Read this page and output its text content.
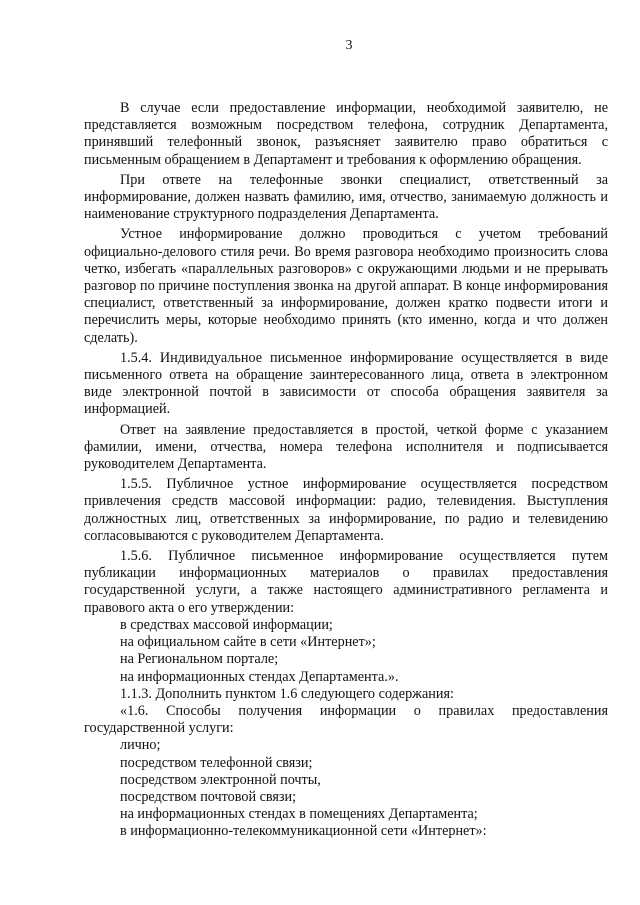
3

В случае если предоставление информации, необходимой заявителю, не представляется возможным посредством телефона, сотрудник Департамента, принявший телефонный звонок, разъясняет заявителю право обратиться с письменным обращением в Департамент и требования к оформлению обращения.

При ответе на телефонные звонки специалист, ответственный за информирование, должен назвать фамилию, имя, отчество, занимаемую должность и наименование структурного подразделения Департамента.

Устное информирование должно проводиться с учетом требований официально-делового стиля речи. Во время разговора необходимо произносить слова четко, избегать «параллельных разговоров» с окружающими людьми и не прерывать разговор по причине поступления звонка на другой аппарат. В конце информирования специалист, ответственный за информирование, должен кратко подвести итоги и перечислить меры, которые необходимо принять (кто именно, когда и что должен сделать).

1.5.4. Индивидуальное письменное информирование осуществляется в виде письменного ответа на обращение заинтересованного лица, ответа в электронном виде электронной почтой в зависимости от способа обращения заявителя за информацией.

Ответ на заявление предоставляется в простой, четкой форме с указанием фамилии, имени, отчества, номера телефона исполнителя и подписывается руководителем Департамента.

1.5.5. Публичное устное информирование осуществляется посредством привлечения средств массовой информации: радио, телевидения. Выступления должностных лиц, ответственных за информирование, по радио и телевидению согласовываются с руководителем Департамента.

1.5.6. Публичное письменное информирование осуществляется путем публикации информационных материалов о правилах предоставления государственной услуги, а также настоящего административного регламента и правового акта о его утверждении:

в средствах массовой информации;

на официальном сайте в сети «Интернет»;

на Региональном портале;

на информационных стендах Департамента.».

1.1.3. Дополнить пунктом 1.6 следующего содержания:

«1.6. Способы получения информации о правилах предоставления государственной услуги:

лично;

посредством телефонной связи;

посредством электронной почты,

посредством почтовой связи;

на информационных стендах в помещениях Департамента;

в информационно-телекоммуникационной сети «Интернет»:
